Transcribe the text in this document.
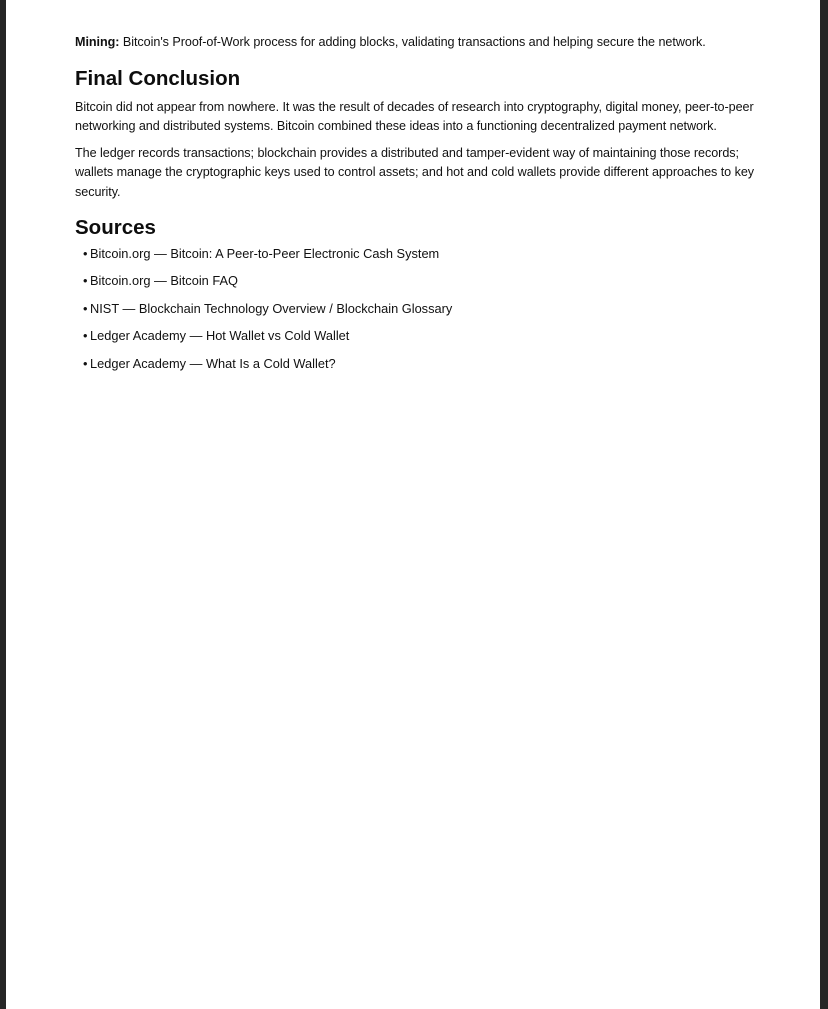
Mining: Bitcoin's Proof-of-Work process for adding blocks, validating transactions and helping secure the network.

Final Conclusion

Bitcoin did not appear from nowhere. It was the result of decades of research into cryptography, digital money, peer-to-peer networking and distributed systems. Bitcoin combined these ideas into a functioning decentralized payment network.

The ledger records transactions; blockchain provides a distributed and tamper-evident way of maintaining those records; wallets manage the cryptographic keys used to control assets; and hot and cold wallets provide different approaches to key security.

Sources
• Bitcoin.org — Bitcoin: A Peer-to-Peer Electronic Cash System
• Bitcoin.org — Bitcoin FAQ
• NIST — Blockchain Technology Overview / Blockchain Glossary
• Ledger Academy — Hot Wallet vs Cold Wallet
• Ledger Academy — What Is a Cold Wallet?
